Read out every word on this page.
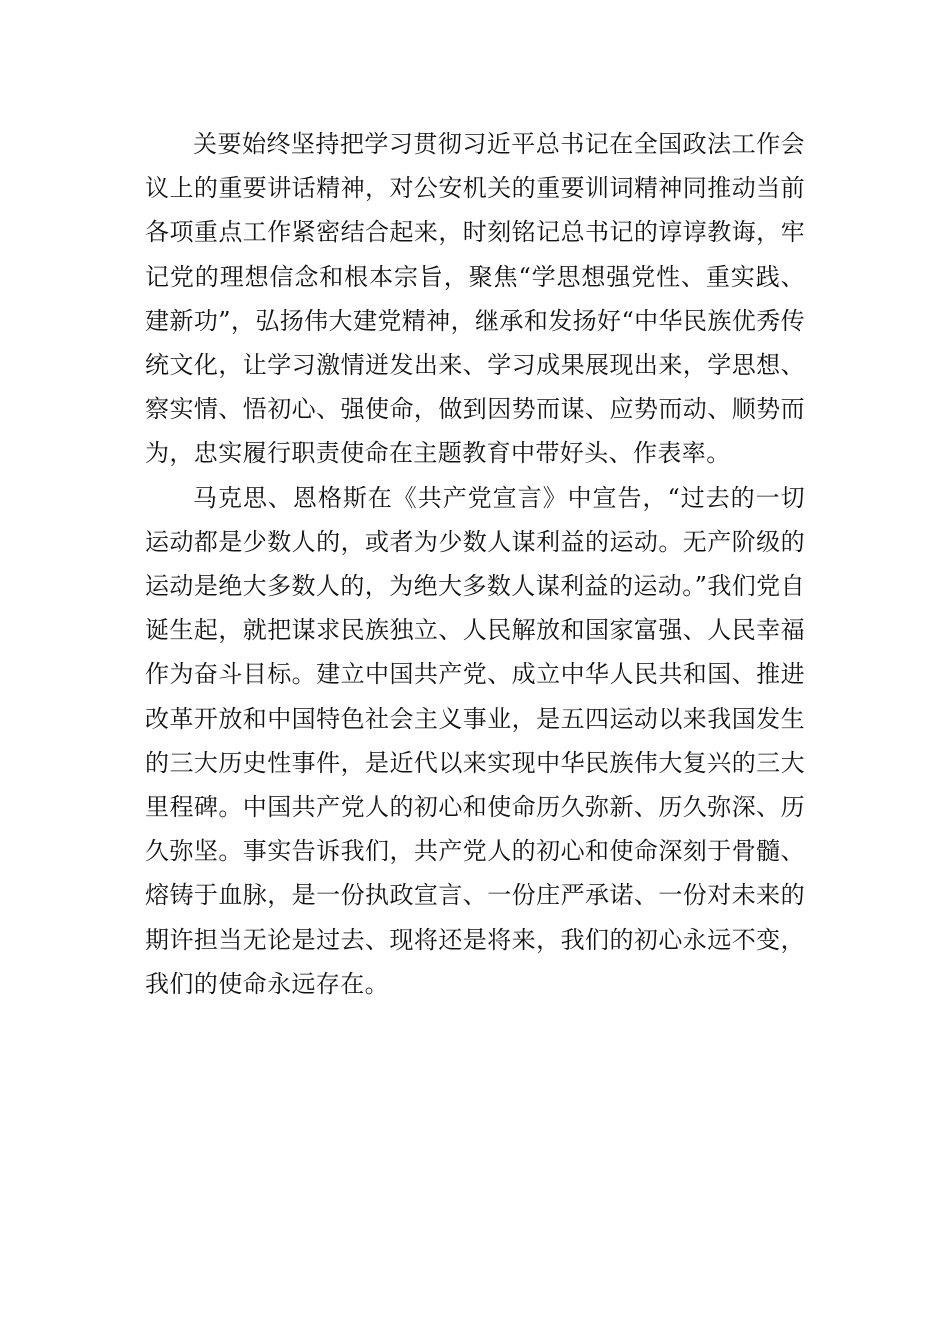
关要始终坚持把学习贯彻习近平总书记在全国政法工作会议上的重要讲话精神，对公安机关的重要训词精神同推动当前各项重点工作紧密结合起来，时刻铭记总书记的谆谆教诲，牢记党的理想信念和根本宗旨，聚焦“学思想强党性、重实践、建新功”，弘扬伟大建党精神，继承和发扬好“中华民族优秀传统文化，让学习激情迸发出来、学习成果展现出来，学思想、察实情、悟初心、强使命，做到因势而谋、应势而动、顺势而为，忠实履行职责使命在主题教育中带好头、作表率。

马克思、恩格斯在《共产党宣言》中宣告，“过去的一切运动都是少数人的，或者为少数人谋利益的运动。无产阶级的运动是绝大多数人的，为绝大多数人谋利益的运动。”我们党自诞生起，就把谋求民族独立、人民解放和国家富强、人民幸福作为奋斗目标。建立中国共产党、成立中华人民共和国、推进改革开放和中国特色社会主义事业，是五四运动以来我国发生的三大历史性事件，是近代以来实现中华民族伟大复兴的三大里程碑。中国共产党人的初心和使命历久弥新、历久弥深、历久弥坚。事实告诉我们，共产党人的初心和使命深刻于骨髓、熔铸于血脉，是一份执政宣言、一份庄严承诺、一份对未来的期许担当无论是过去、现将还是将来，我们的初心永远不变，我们的使命永远存在。
